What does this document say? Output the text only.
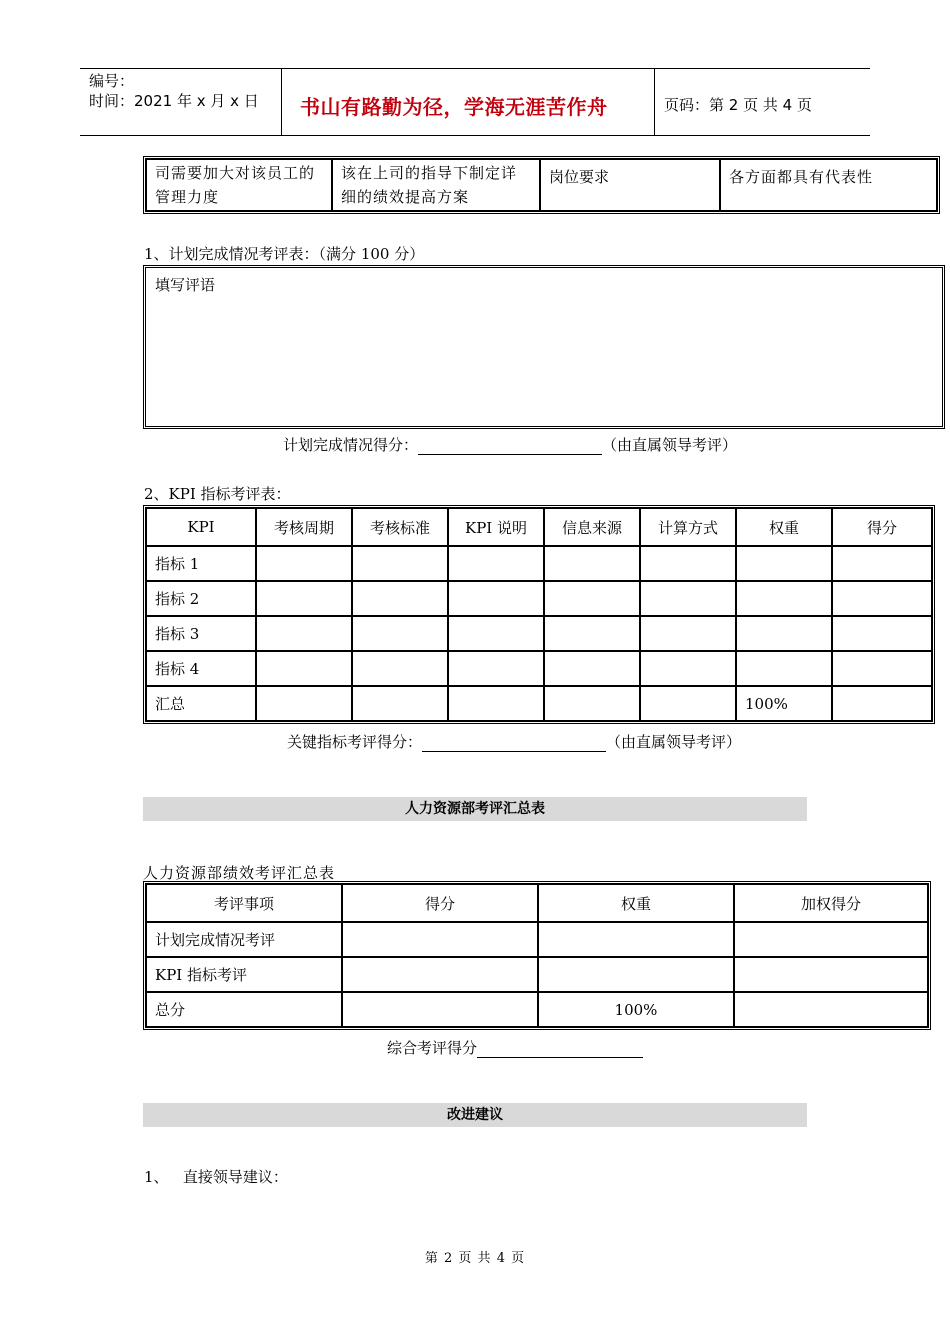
编号：
时间：2021 年 x 月 x 日 书山有路勤为径，学海无涯苦作舟	页码：第 2 页 共 4 页
司需要加大对该员工的管理力度	该在上司的指导下制定详细的绩效提高方案	岗位要求	各方面都具有代表性
1、计划完成情况考评表：（满分 100 分）
填写评语
计划完成情况得分：	（由直属领导考评）
2、KPI 指标考评表：
KPI	考核周期	考核标准	KPI 说明	信息来源	计算方式	权重	得分
指标 1							
指标 2							
指标 3							
指标 4							
汇总						100%	
关键指标考评得分：	（由直属领导考评）
人力资源部考评汇总表
人力资源部绩效考评汇总表
考评事项	得分	权重	加权得分
计划完成情况考评			
KPI 指标考评			
总分		100%	
综合考评得分
改进建议
1、   直接领导建议：
第 2 页 共 4 页
